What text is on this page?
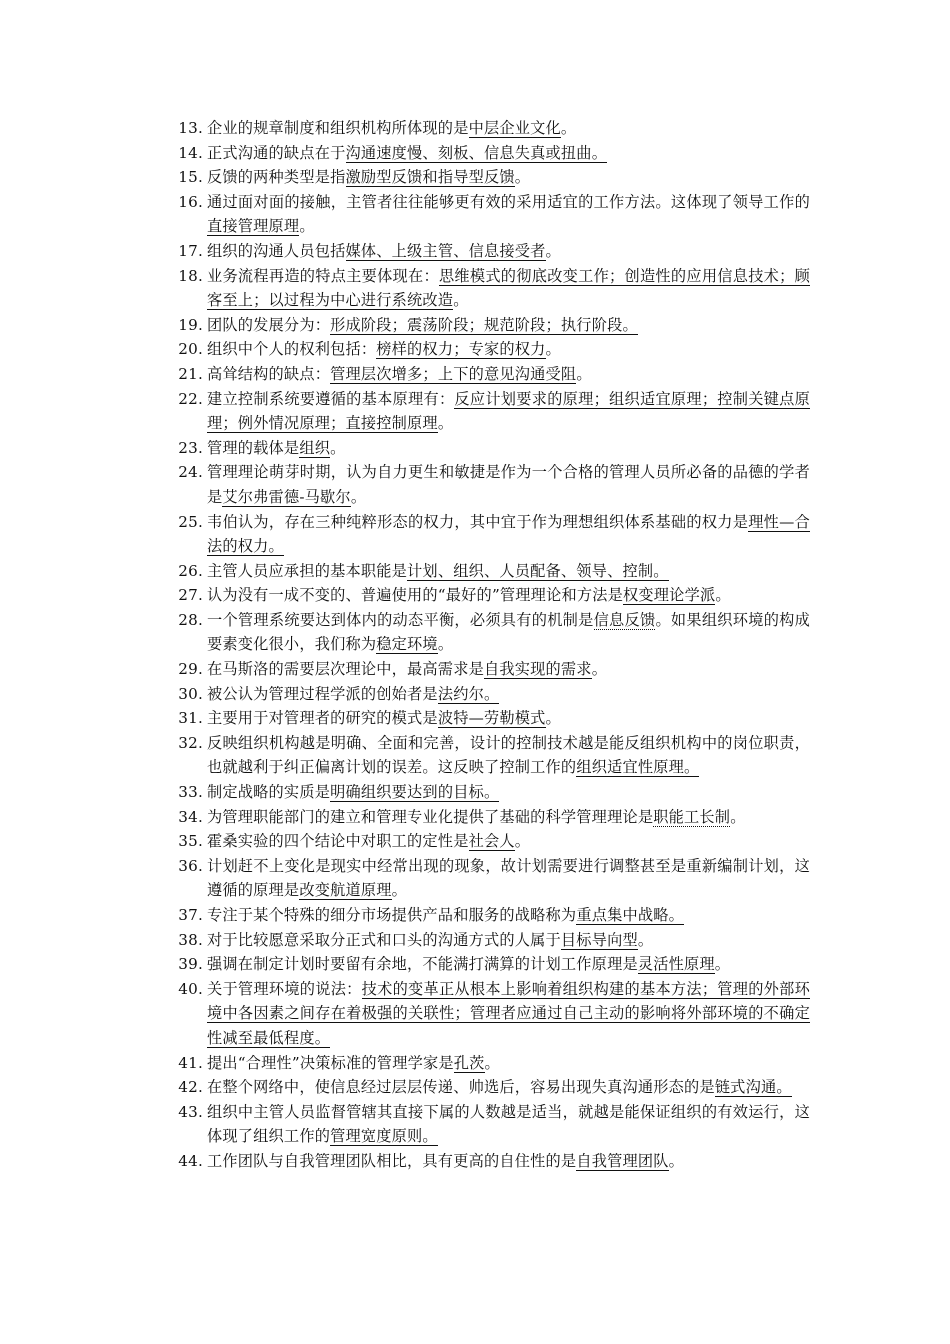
13. 企业的规章制度和组织机构所体现的是中层企业文化。
14. 正式沟通的缺点在于沟通速度慢、刻板、信息失真或扭曲。
15. 反馈的两种类型是指激励型反馈和指导型反馈。
16. 通过面对面的接触，主管者往往能够更有效的采用适宜的工作方法。这体现了领导工作的直接管理原理。
17. 组织的沟通人员包括媒体、上级主管、信息接受者。
18. 业务流程再造的特点主要体现在：思维模式的彻底改变工作；创造性的应用信息技术；顾客至上；以过程为中心进行系统改造。
19. 团队的发展分为：形成阶段；震荡阶段；规范阶段；执行阶段。
20. 组织中个人的权利包括：榜样的权力；专家的权力。
21. 高耸结构的缺点：管理层次增多；上下的意见沟通受阻。
22. 建立控制系统要遵循的基本原理有：反应计划要求的原理；组织适宜原理；控制关键点原理；例外情况原理；直接控制原理。
23. 管理的载体是组织。
24. 管理理论萌芽时期，认为自力更生和敏捷是作为一个合格的管理人员所必备的品德的学者是艾尔弗雷德-马歇尔。
25. 韦伯认为，存在三种纯粹形态的权力，其中宜于作为理想组织体系基础的权力是理性—合法的权力。
26. 主管人员应承担的基本职能是计划、组织、人员配备、领导、控制。
27. 认为没有一成不变的、普遍使用的“最好的”管理理论和方法是权变理论学派。
28. 一个管理系统要达到体内的动态平衡，必须具有的机制是信息反馈。如果组织环境的构成要素变化很小，我们称为稳定环境。
29. 在马斯洛的需要层次理论中，最高需求是自我实现的需求。
30. 被公认为管理过程学派的创始者是法约尔。
31. 主要用于对管理者的研究的模式是波特—劳勒模式。
32. 反映组织机构越是明确、全面和完善，设计的控制技术越是能反组织机构中的岗位职责，也就越利于纠正偏离计划的误差。这反映了控制工作的组织适宜性原理。
33. 制定战略的实质是明确组织要达到的目标。
34. 为管理职能部门的建立和管理专业化提供了基础的科学管理理论是职能工长制。
35. 霍桑实验的四个结论中对职工的定性是社会人。
36. 计划赶不上变化是现实中经常出现的现象，故计划需要进行调整甚至是重新编制计划，这遵循的原理是改变航道原理。
37. 专注于某个特殊的细分市场提供产品和服务的战略称为重点集中战略。
38. 对于比较愿意采取分正式和口头的沟通方式的人属于目标导向型。
39. 强调在制定计划时要留有余地，不能满打满算的计划工作原理是灵活性原理。
40. 关于管理环境的说法：技术的变革正从根本上影响着组织构建的基本方法；管理的外部环境中各因素之间存在着极强的关联性；管理者应通过自己主动的影响将外部环境的不确定性减至最低程度。
41. 提出“合理性”决策标准的管理学家是孔茨。
42. 在整个网络中，使信息经过层层传递、帅选后，容易出现失真沟通形态的是链式沟通。
43. 组织中主管人员监督管辖其直接下属的人数越是适当，就越是能保证组织的有效运行，这体现了组织工作的管理宽度原则。
44. 工作团队与自我管理团队相比，具有更高的自住性的是自我管理团队。
